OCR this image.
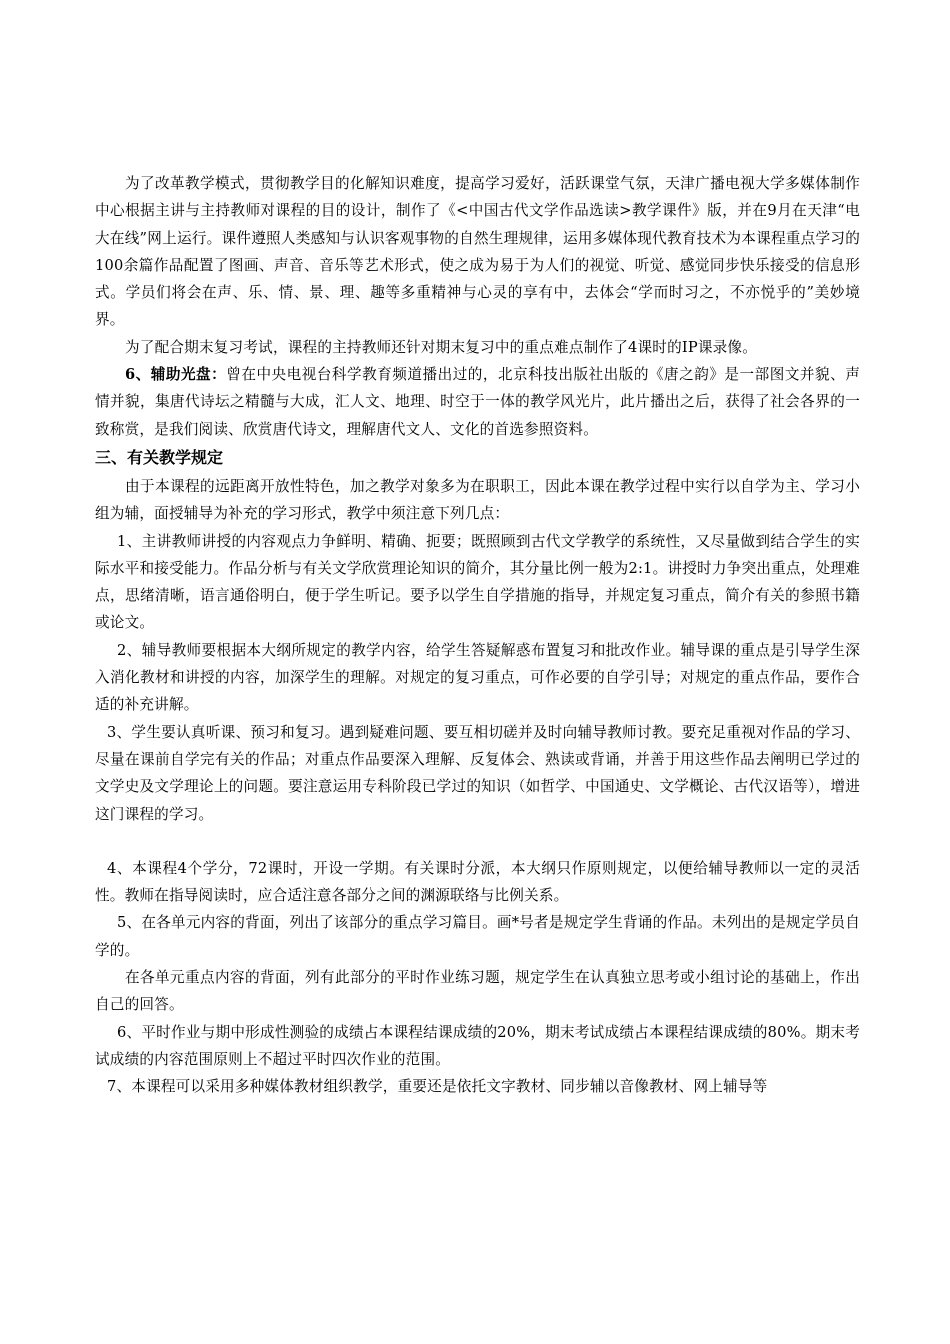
为了改革教学模式，贯彻教学目的化解知识难度，提高学习爱好，活跃课堂气氛，天津广播电视大学多媒体制作中心根据主讲与主持教师对课程的目的设计，制作了《<中国古代文学作品选读>教学课件》版，并在9月在天津“电大在线”网上运行。课件遵照人类感知与认识客观事物的自然生理规律，运用多媒体现代教育技术为本课程重点学习的100余篇作品配置了图画、声音、音乐等艺术形式，使之成为易于为人们的视觉、听觉、感觉同步快乐接受的信息形式。学员们将会在声、乐、情、景、理、趣等多重精神与心灵的享有中，去体会“学而时习之，不亦悦乎的”美妙境界。

为了配合期末复习考试，课程的主持教师还针对期末复习中的重点难点制作了4课时的IP课录像。

6、辅助光盘：曾在中央电视台科学教育频道播出过的，北京科技出版社出版的《唐之韵》是一部图文并貌、声情并貌，集唐代诗坛之精髓与大成，汇人文、地理、时空于一体的教学风光片，此片播出之后，获得了社会各界的一致称赏，是我们阅读、欣赏唐代诗文，理解唐代文人、文化的首选参照资料。

三、有关教学规定

由于本课程的远距离开放性特色，加之教学对象多为在职职工，因此本课在教学过程中实行以自学为主、学习小组为辅，面授辅导为补充的学习形式，教学中须注意下列几点：

1、主讲教师讲授的内容观点力争鲜明、精确、扼要；既照顾到古代文学教学的系统性，又尽量做到结合学生的实际水平和接受能力。作品分析与有关文学欣赏理论知识的简介，其分量比例一般为2:1。讲授时力争突出重点，处理难点，思绪清晰，语言通俗明白，便于学生听记。要予以学生自学措施的指导，并规定复习重点，简介有关的参照书籍或论文。

2、辅导教师要根据本大纲所规定的教学内容，给学生答疑解惑布置复习和批改作业。辅导课的重点是引导学生深入消化教材和讲授的内容，加深学生的理解。对规定的复习重点，可作必要的自学引导；对规定的重点作品，要作合适的补充讲解。

3、学生要认真听课、预习和复习。遇到疑难问题、要互相切磋并及时向辅导教师讨教。要充足重视对作品的学习、尽量在课前自学完有关的作品；对重点作品要深入理解、反复体会、熟读或背诵，并善于用这些作品去阐明已学过的文学史及文学理论上的问题。要注意运用专科阶段已学过的知识（如哲学、中国通史、文学概论、古代汉语等），增进这门课程的学习。

4、本课程4个学分，72课时，开设一学期。有关课时分派，本大纲只作原则规定，以便给辅导教师以一定的灵活性。教师在指导阅读时，应合适注意各部分之间的渊源联络与比例关系。

5、在各单元内容的背面，列出了该部分的重点学习篇目。画*号者是规定学生背诵的作品。未列出的是规定学员自学的。

在各单元重点内容的背面，列有此部分的平时作业练习题，规定学生在认真独立思考或小组讨论的基础上，作出自己的回答。

6、平时作业与期中形成性测验的成绩占本课程结课成绩的20%，期末考试成绩占本课程结课成绩的80%。期末考试成绩的内容范围原则上不超过平时四次作业的范围。

7、本课程可以采用多种媒体教材组织教学，重要还是依托文字教材、同步辅以音像教材、网上辅导等
